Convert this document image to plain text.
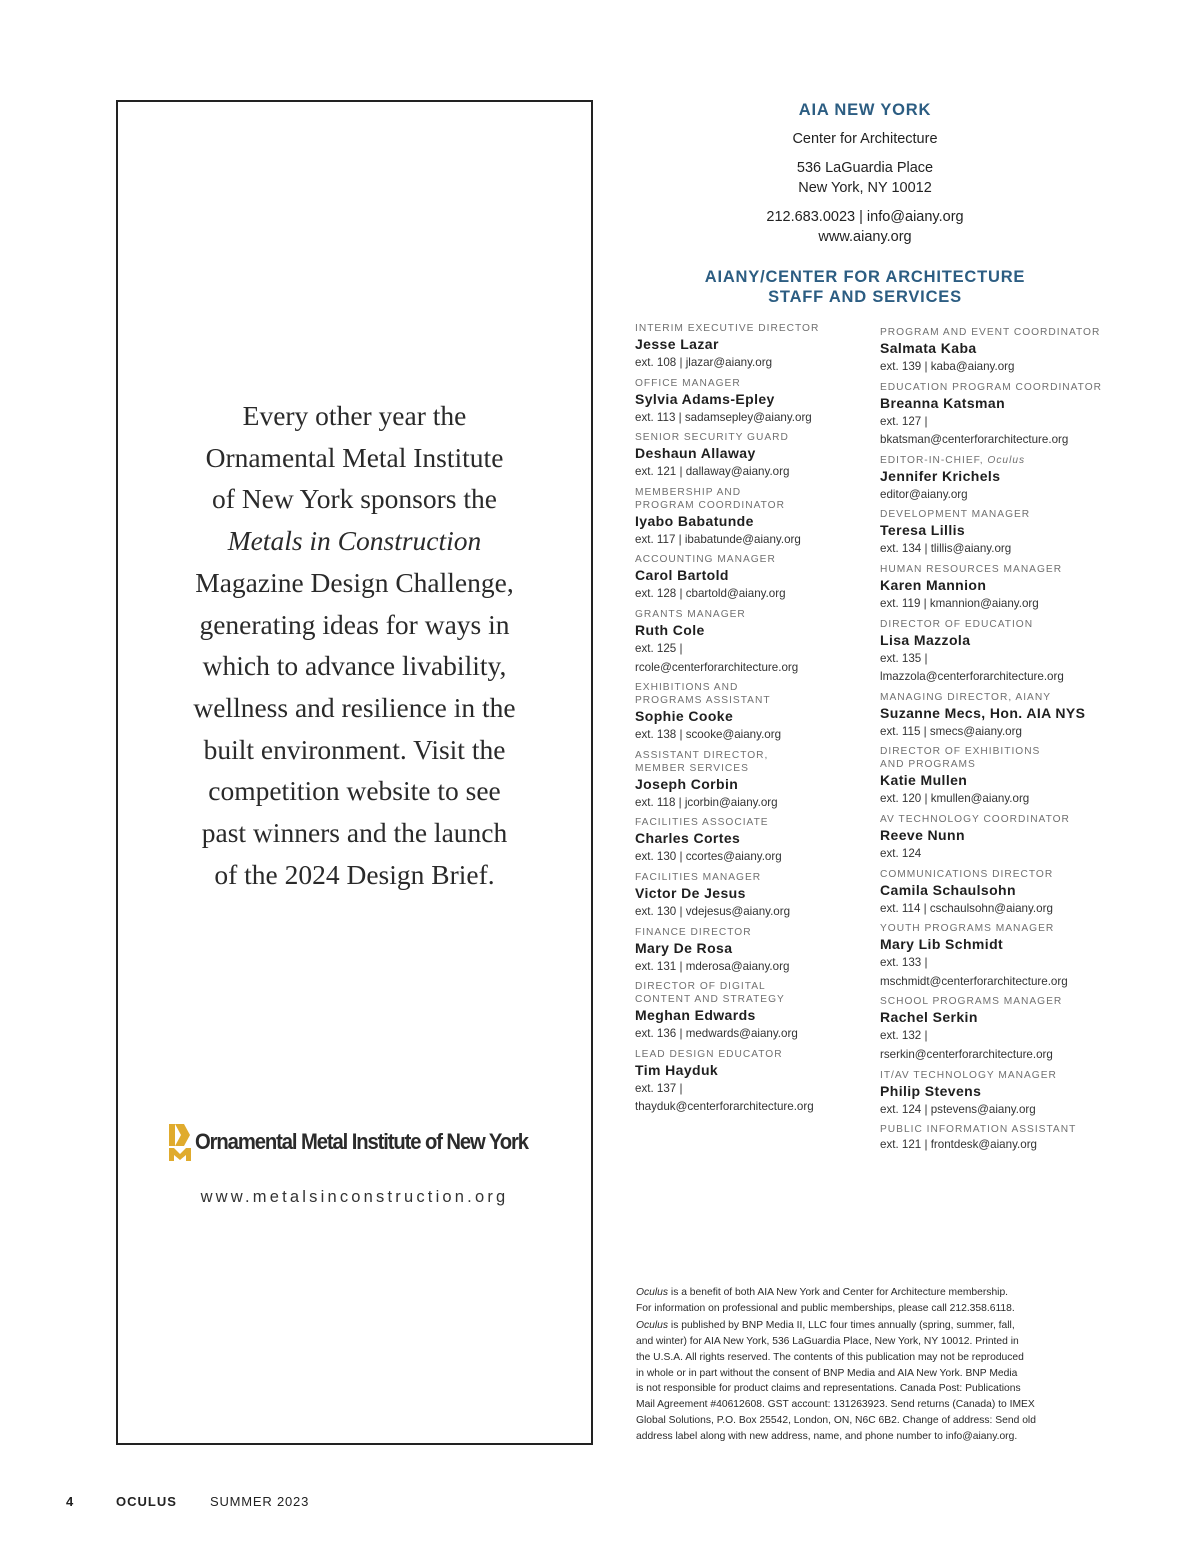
Every other year the
Ornamental Metal Institute
of New York sponsors the
Metals in Construction
Magazine Design Challenge,
generating ideas for ways in
which to advance livability,
wellness and resilience in the
built environment. Visit the
competition website to see
past winners and the launch
of the 2024 Design Brief.
Ornamental Metal Institute of New York
www.metalsinconstruction.org
AIA NEW YORK
Center for Architecture
536 LaGuardia Place
New York, NY 10012
212.683.0023 | info@aiany.org
www.aiany.org
AIANY/CENTER FOR ARCHITECTURE
STAFF AND SERVICES
INTERIM EXECUTIVE DIRECTOR
Jesse Lazar
ext. 108 | jlazar@aiany.org
OFFICE MANAGER
Sylvia Adams-Epley
ext. 113 | sadamsepley@aiany.org
SENIOR SECURITY GUARD
Deshaun Allaway
ext. 121 | dallaway@aiany.org
MEMBERSHIP AND
PROGRAM COORDINATOR
Iyabo Babatunde
ext. 117 | ibabatunde@aiany.org
ACCOUNTING MANAGER
Carol Bartold
ext. 128 | cbartold@aiany.org
GRANTS MANAGER
Ruth Cole
ext. 125 |
rcole@centerforarchitecture.org
EXHIBITIONS AND
PROGRAMS ASSISTANT
Sophie Cooke
ext. 138 | scooke@aiany.org
ASSISTANT DIRECTOR,
MEMBER SERVICES
Joseph Corbin
ext. 118 | jcorbin@aiany.org
FACILITIES ASSOCIATE
Charles Cortes
ext. 130 | ccortes@aiany.org
FACILITIES MANAGER
Victor De Jesus
ext. 130 | vdejesus@aiany.org
FINANCE DIRECTOR
Mary De Rosa
ext. 131 | mderosa@aiany.org
DIRECTOR OF DIGITAL
CONTENT AND STRATEGY
Meghan Edwards
ext. 136 | medwards@aiany.org
LEAD DESIGN EDUCATOR
Tim Hayduk
ext. 137 |
thayduk@centerforarchitecture.org
PROGRAM AND EVENT COORDINATOR
Salmata Kaba
ext. 139 | kaba@aiany.org
EDUCATION PROGRAM COORDINATOR
Breanna Katsman
ext. 127 |
bkatsman@centerforarchitecture.org
EDITOR-IN-CHIEF, Oculus
Jennifer Krichels
editor@aiany.org
DEVELOPMENT MANAGER
Teresa Lillis
ext. 134 | tlillis@aiany.org
HUMAN RESOURCES MANAGER
Karen Mannion
ext. 119 | kmannion@aiany.org
DIRECTOR OF EDUCATION
Lisa Mazzola
ext. 135 |
lmazzola@centerforarchitecture.org
MANAGING DIRECTOR, AIANY
Suzanne Mecs, Hon. AIA NYS
ext. 115 | smecs@aiany.org
DIRECTOR OF EXHIBITIONS
AND PROGRAMS
Katie Mullen
ext. 120 | kmullen@aiany.org
AV TECHNOLOGY COORDINATOR
Reeve Nunn
ext. 124
COMMUNICATIONS DIRECTOR
Camila Schaulsohn
ext. 114 | cschaulsohn@aiany.org
YOUTH PROGRAMS MANAGER
Mary Lib Schmidt
ext. 133 |
mschmidt@centerforarchitecture.org
SCHOOL PROGRAMS MANAGER
Rachel Serkin
ext. 132 |
rserkin@centerforarchitecture.org
IT/AV TECHNOLOGY MANAGER
Philip Stevens
ext. 124 | pstevens@aiany.org
PUBLIC INFORMATION ASSISTANT
ext. 121 | frontdesk@aiany.org

Oculus is a benefit of both AIA New York and Center for Architecture membership.
For information on professional and public memberships, please call 212.358.6118.

Oculus is published by BNP Media II, LLC four times annually (spring, summer, fall,
and winter) for AIA New York, 536 LaGuardia Place, New York, NY 10012. Printed in
the U.S.A. All rights reserved. The contents of this publication may not be reproduced
in whole or in part without the consent of BNP Media and AIA New York. BNP Media
is not responsible for product claims and representations. Canada Post: Publications
Mail Agreement #40612608. GST account: 131263923. Send returns (Canada) to IMEX
Global Solutions, P.O. Box 25542, London, ON, N6C 6B2. Change of address: Send old
address label along with new address, name, and phone number to info@aiany.org.

4	OCULUS	SUMMER 2023
